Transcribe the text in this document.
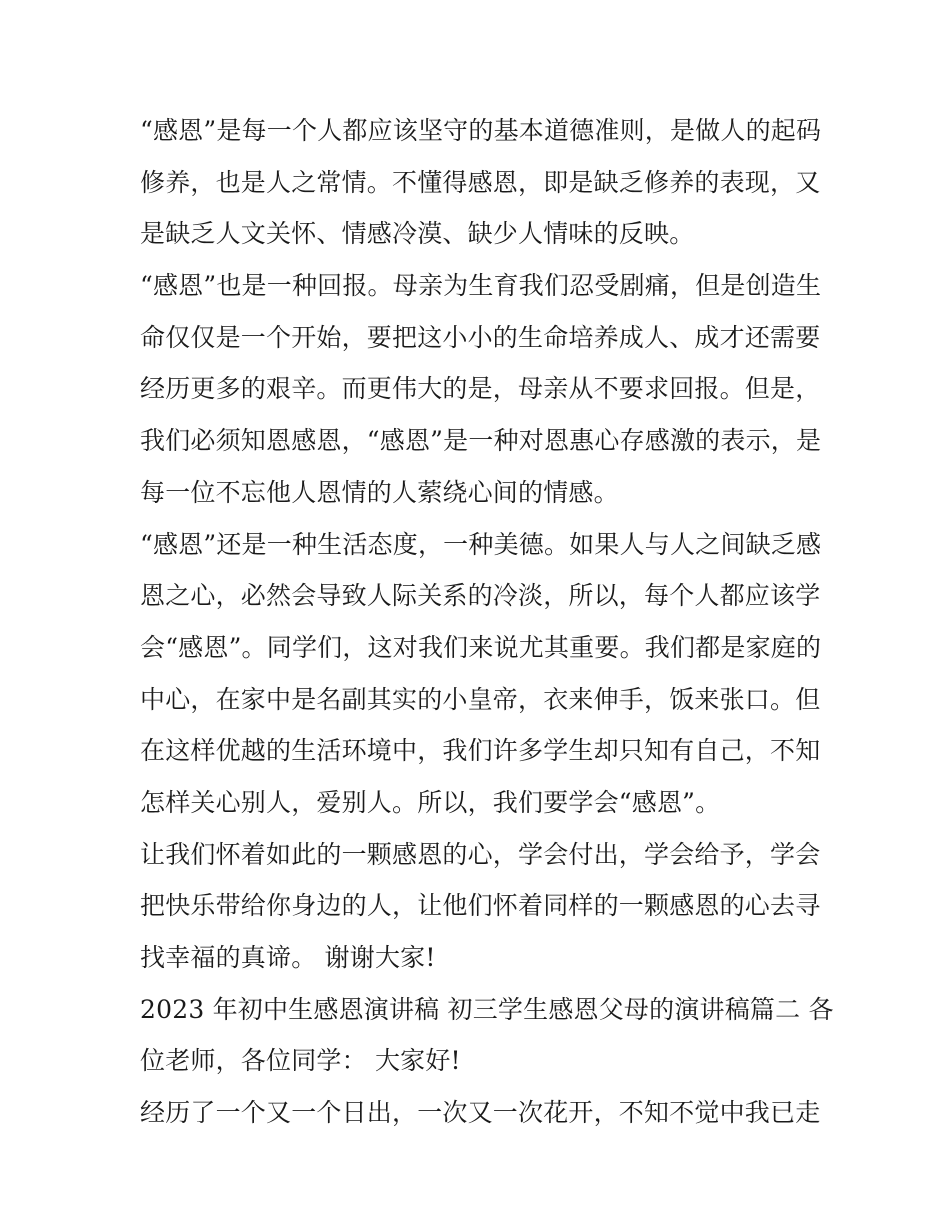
“感恩”是每一个人都应该坚守的基本道德准则，是做人的起码
修养，也是人之常情。不懂得感恩，即是缺乏修养的表现，又
是缺乏人文关怀、情感冷漠、缺少人情味的反映。
“感恩”也是一种回报。母亲为生育我们忍受剧痛，但是创造生
命仅仅是一个开始，要把这小小的生命培养成人、成才还需要
经历更多的艰辛。而更伟大的是，母亲从不要求回报。但是，
我们必须知恩感恩，“感恩”是一种对恩惠心存感激的表示，是
每一位不忘他人恩情的人萦绕心间的情感。
“感恩”还是一种生活态度，一种美德。如果人与人之间缺乏感
恩之心，必然会导致人际关系的冷淡，所以，每个人都应该学
会“感恩”。同学们，这对我们来说尤其重要。我们都是家庭的
中心，在家中是名副其实的小皇帝，衣来伸手，饭来张口。但
在这样优越的生活环境中，我们许多学生却只知有自己，不知
怎样关心别人，爱别人。所以，我们要学会“感恩”。
让我们怀着如此的一颗感恩的心，学会付出，学会给予，学会
把快乐带给你身边的人，让他们怀着同样的一颗感恩的心去寻
找幸福的真谛。 谢谢大家!
2023 年初中生感恩演讲稿 初三学生感恩父母的演讲稿篇二 各
位老师，各位同学： 大家好!
经历了一个又一个日出，一次又一次花开，不知不觉中我已走
